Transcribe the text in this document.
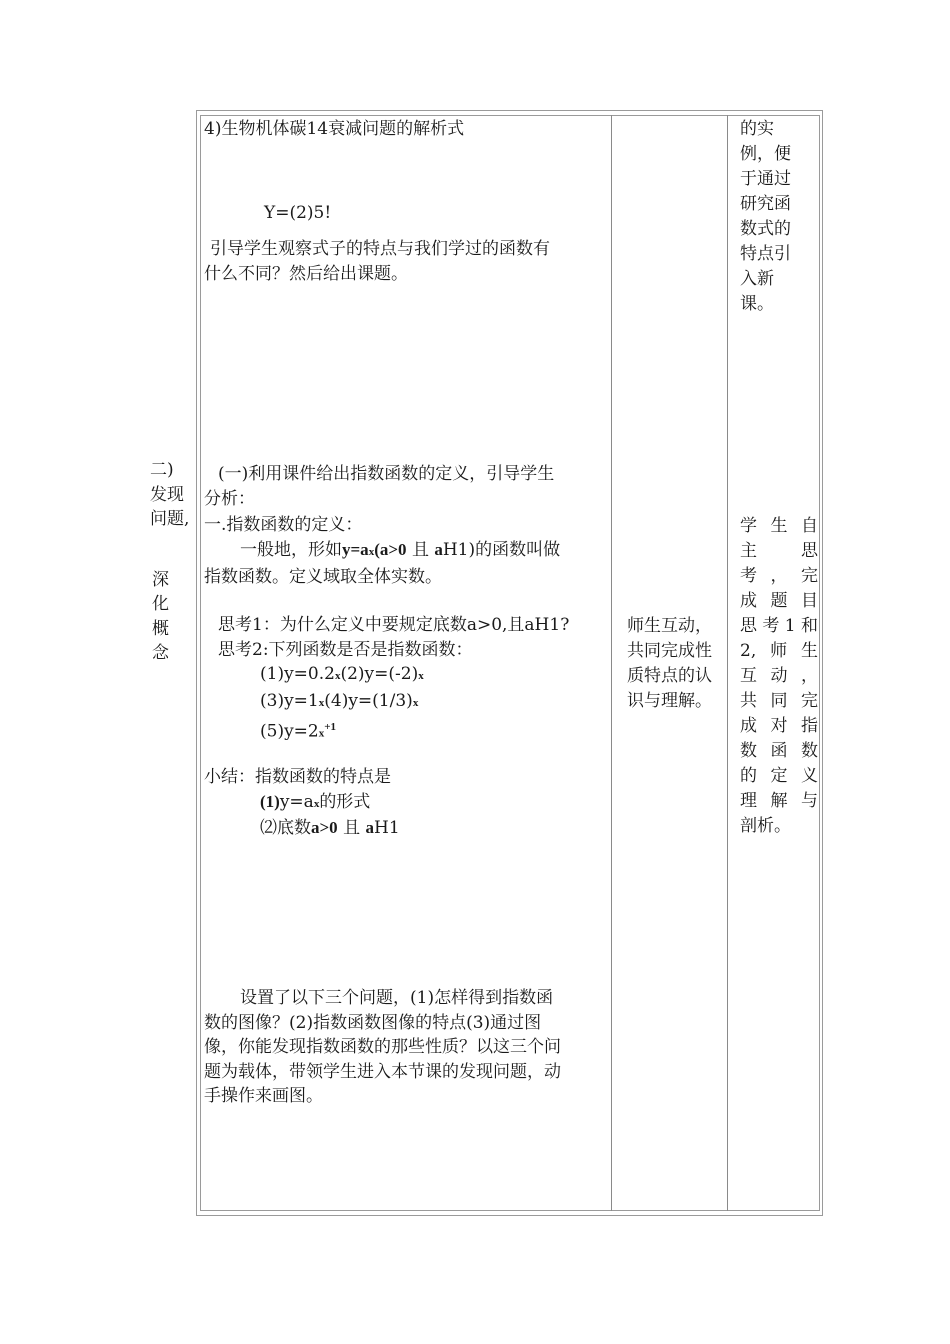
二)
发现
问题,
深
化
概
念
4)生物机体碳14衰减问题的解析式
Y=(2)5!
引导学生观察式子的特点与我们学过的函数有
什么不同？然后给出课题。
的实
例，便
于通过
研究函
数式的
特点引
入新
课。
(一)利用课件给出指数函数的定义，引导学生
分析：
一.指数函数的定义：
一般地，形如y=ax(a>0 且 aH1)的函数叫做
指数函数。定义域取全体实数。
思考1：为什么定义中要规定底数a>0,且aH1?
思考2:下列函数是否是指数函数：
(1)y=0.2x(2)y=(-2)x
(3)y=1x(4)y=(1/3)x
$(5)y=2x^{+1}$
小结：指数函数的特点是
(1)y=ax的形式
⑵底数a>0 且 aH1
师生互动，
共同完成性
质特点的认
识与理解。
学生自
主　思
考，完
成题目
思考1和
2,师生
互动，
共同完
成对指
数函数
的定义
理解与
剖析。
设置了以下三个问题，(1)怎样得到指数函
数的图像？(2)指数函数图像的特点(3)通过图
像，你能发现指数函数的那些性质？以这三个问
题为载体，带领学生进入本节课的发现问题，动
手操作来画图。
